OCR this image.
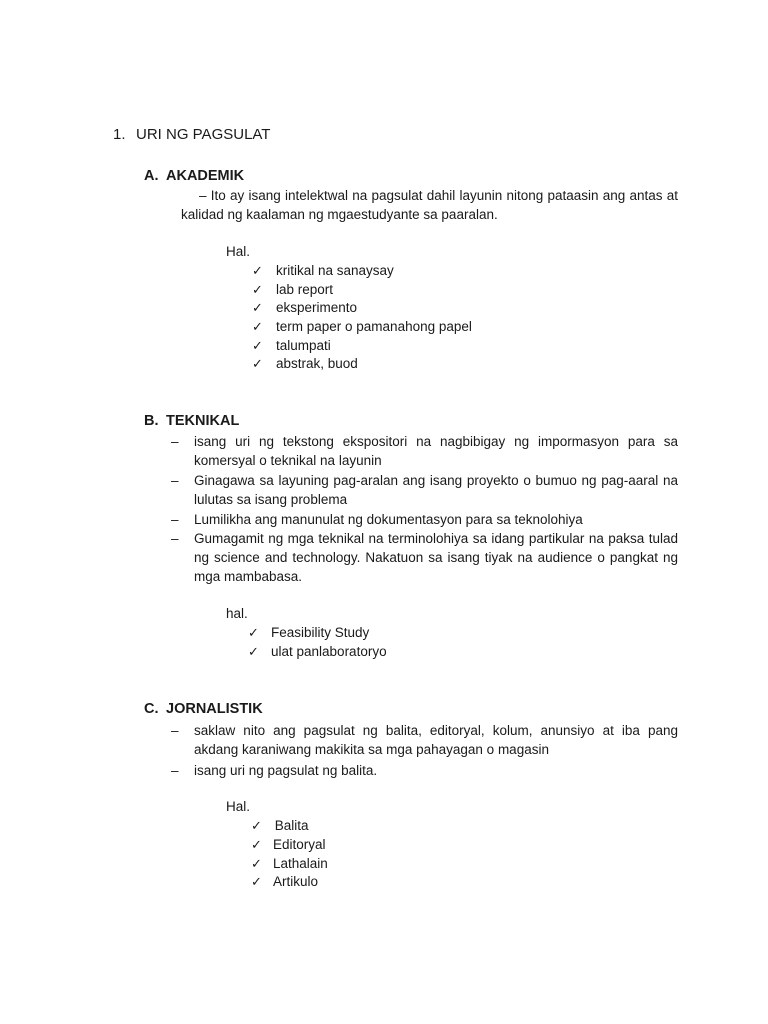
1. URI NG PAGSULAT
A. AKADEMIK
– Ito ay isang intelektwal na pagsulat dahil layunin nitong pataasin ang antas at kalidad ng kaalaman ng mgaestudyante sa paaralan.
Hal.
✓ kritikal na sanaysay
✓ lab report
✓ eksperimento
✓ term paper o pamanahong papel
✓ talumpati
✓ abstrak, buod
B. TEKNIKAL
– isang uri ng tekstong ekspositori na nagbibigay ng impormasyon para sa komersyal o teknikal na layunin
– Ginagawa sa layuning pag-aralan ang isang proyekto o bumuo ng pag-aaral na lulutas sa isang problema
– Lumilikha ang manunulat ng dokumentasyon para sa teknolohiya
– Gumagamit ng mga teknikal na terminolohiya sa idang partikular na paksa tulad ng science and technology. Nakatuon sa isang tiyak na audience o pangkat ng mga mambabasa.
hal.
✓ Feasibility Study
✓ ulat panlaboratoryo
C. JORNALISTIK
– saklaw nito ang pagsulat ng balita, editoryal, kolum, anunsiyo at iba pang akdang karaniwang makikita sa mga pahayagan o magasin
– isang uri ng pagsulat ng balita.
Hal.
✓ Balita
✓ Editoryal
✓ Lathalain
✓ Artikulo
